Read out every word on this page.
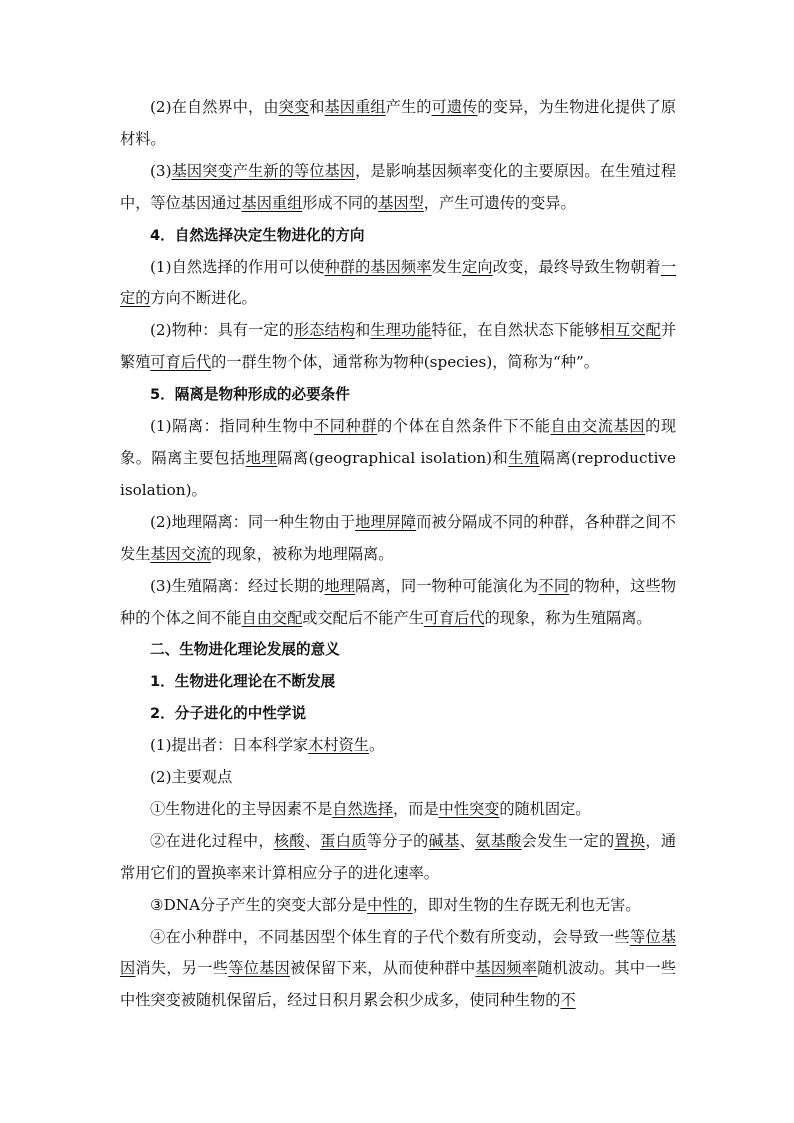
(2)在自然界中，由突变和基因重组产生的可遗传的变异，为生物进化提供了原材料。

(3)基因突变产生新的等位基因，是影响基因频率变化的主要原因。在生殖过程中，等位基因通过基因重组形成不同的基因型，产生可遗传的变异。

4．自然选择决定生物进化的方向

(1)自然选择的作用可以使种群的基因频率发生定向改变，最终导致生物朝着一定的方向不断进化。

(2)物种：具有一定的形态结构和生理功能特征，在自然状态下能够相互交配并繁殖可育后代的一群生物个体，通常称为物种(species)，简称为“种”。

5．隔离是物种形成的必要条件

(1)隔离：指同种生物中不同种群的个体在自然条件下不能自由交流基因的现象。隔离主要包括地理隔离(geographical isolation)和生殖隔离(reproductive isolation)。

(2)地理隔离：同一种生物由于地理屏障而被分隔成不同的种群，各种群之间不发生基因交流的现象，被称为地理隔离。

(3)生殖隔离：经过长期的地理隔离，同一物种可能演化为不同的物种，这些物种的个体之间不能自由交配或交配后不能产生可育后代的现象，称为生殖隔离。

二、生物进化理论发展的意义

1．生物进化理论在不断发展

2．分子进化的中性学说

(1)提出者：日本科学家木村资生。

(2)主要观点

①生物进化的主导因素不是自然选择，而是中性突变的随机固定。

②在进化过程中，核酸、蛋白质等分子的碱基、氨基酸会发生一定的置换，通常用它们的置换率来计算相应分子的进化速率。

③DNA分子产生的突变大部分是中性的，即对生物的生存既无利也无害。

④在小种群中，不同基因型个体生育的子代个数有所变动，会导致一些等位基因消失，另一些等位基因被保留下来，从而使种群中基因频率随机波动。其中一些中性突变被随机保留后，经过日积月累会积少成多，使同种生物的不
